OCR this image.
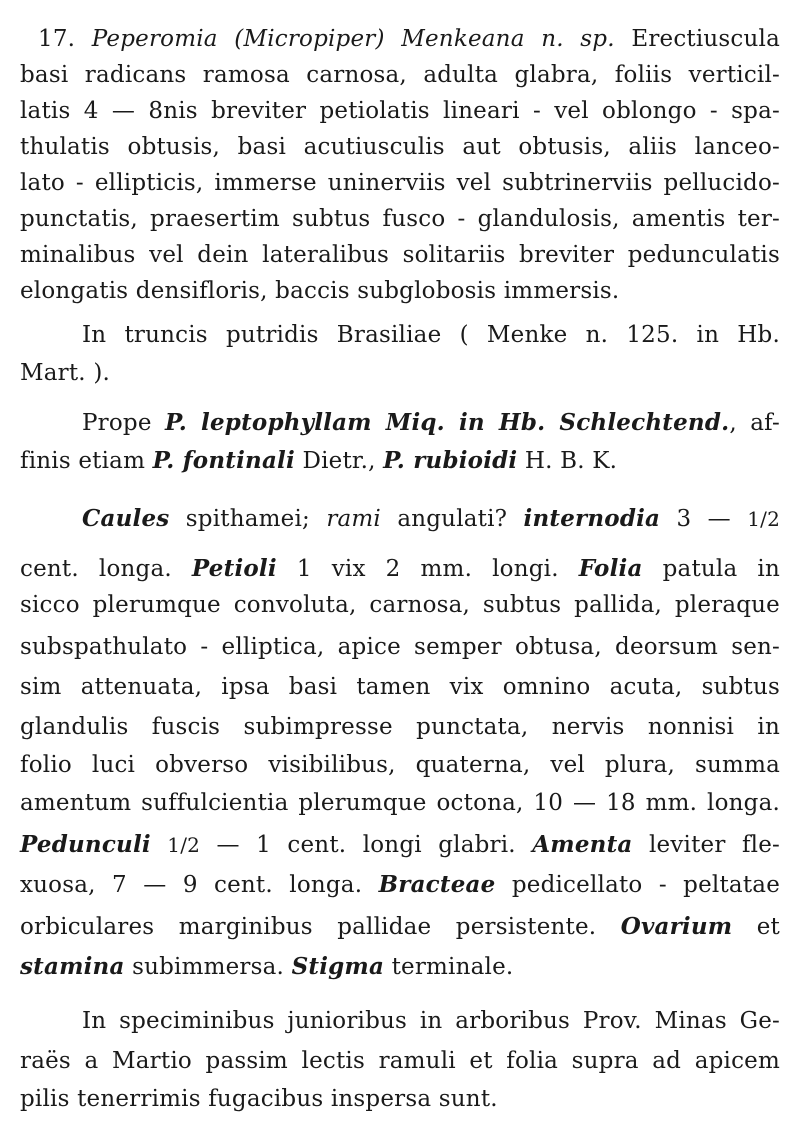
17. Peperomia (Micropiper) Menkeana n. sp. Erectiuscula
basi radicans ramosa carnosa, adulta glabra, foliis verticil-
latis 4 — 8nis breviter petiolatis lineari - vel oblongo - spa-
thulatis obtusis, basi acutiusculis aut obtusis, aliis lanceo-
lato - ellipticis, immerse uninerviis vel subtrinerviis pellucido-
punctatis, praesertim subtus fusco - glandulosis, amentis ter-
minalibus vel dein lateralibus solitariis breviter pedunculatis
elongatis densifloris, baccis subglobosis immersis.
In truncis putridis Brasiliae ( Menke n. 125. in Hb.
Mart. ).
Prope P. leptophyllam Miq. in Hb. Schlechtend., af-
finis etiam P. fontinali Dietr., P. rubioidi H. B. K.
Caules spithamei; rami angulati? internodia 3 — 1/2
cent. longa. Petioli 1 vix 2 mm. longi. Folia patula in
sicco plerumque convoluta, carnosa, subtus pallida, pleraque
subspathulato - elliptica, apice semper obtusa, deorsum sen-
sim attenuata, ipsa basi tamen vix omnino acuta, subtus
glandulis fuscis subimpresse punctata, nervis nonnisi in
folio luci obverso visibilibus, quaterna, vel plura, summa
amentum suffulcientia plerumque octona, 10 — 18 mm. longa.
Pedunculi 1/2 — 1 cent. longi glabri. Amenta leviter fle-
xuosa, 7 — 9 cent. longa. Bracteae pedicellato - peltatae
orbiculares marginibus pallidae persistente. Ovarium et
stamina subimmersa. Stigma terminale.
In speciminibus junioribus in arboribus Prov. Minas Ge-
raës a Martio passim lectis ramuli et folia supra ad apicem
pilis tenerrimis fugacibus inspersa sunt.
